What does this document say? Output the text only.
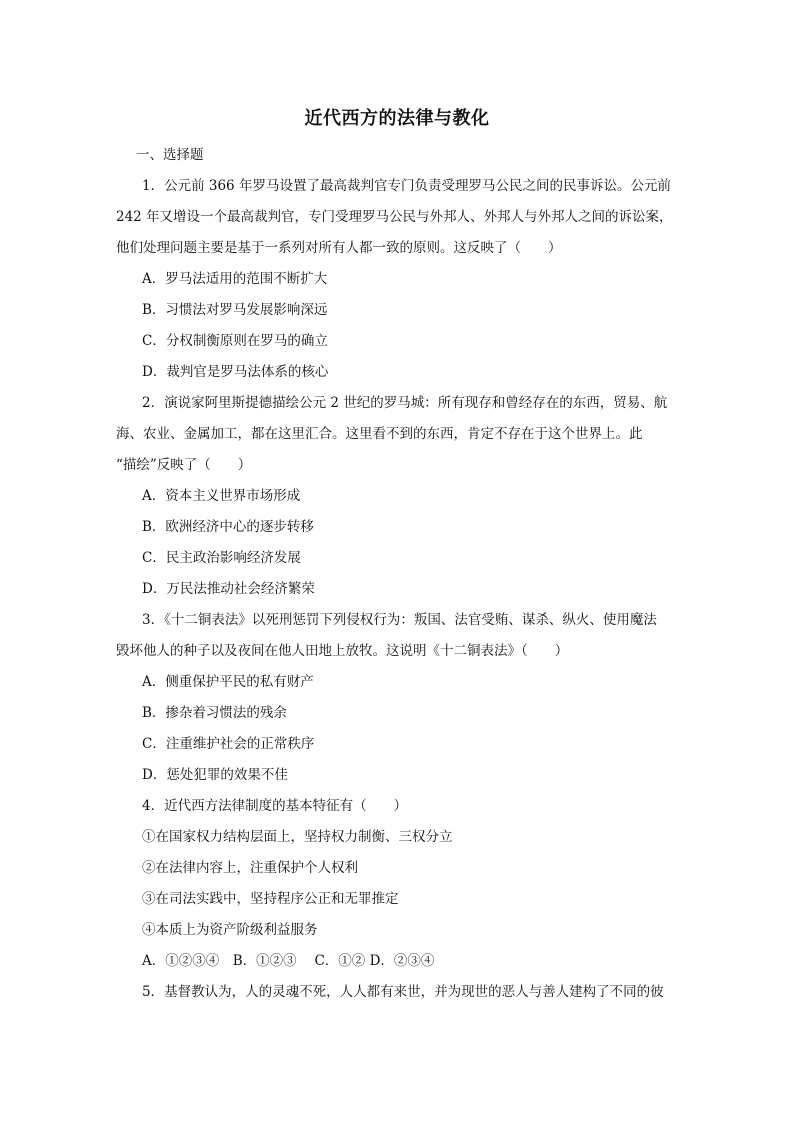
近代西方的法律与教化
一、选择题
1．公元前 366 年罗马设置了最高裁判官专门负责受理罗马公民之间的民事诉讼。公元前
242 年又增设一个最高裁判官，专门受理罗马公民与外邦人、外邦人与外邦人之间的诉讼案，
他们处理问题主要是基于一系列对所有人都一致的原则。这反映了（　　）
A．罗马法适用的范围不断扩大
B．习惯法对罗马发展影响深远
C．分权制衡原则在罗马的确立
D．裁判官是罗马法体系的核心
2．演说家阿里斯提德描绘公元 2 世纪的罗马城：所有现存和曾经存在的东西，贸易、航
海、农业、金属加工，都在这里汇合。这里看不到的东西，肯定不存在于这个世界上。此
“描绘”反映了（　　）
A．资本主义世界市场形成
B．欧洲经济中心的逐步转移
C．民主政治影响经济发展
D．万民法推动社会经济繁荣
3．《十二铜表法》以死刑惩罚下列侵权行为：叛国、法官受贿、谋杀、纵火、使用魔法
毁坏他人的种子以及夜间在他人田地上放牧。这说明《十二铜表法》（　　）
A．侧重保护平民的私有财产
B．掺杂着习惯法的残余
C．注重维护社会的正常秩序
D．惩处犯罪的效果不佳
4．近代西方法律制度的基本特征有（　　）
①在国家权力结构层面上，坚持权力制衡、三权分立
②在法律内容上，注重保护个人权利
③在司法实践中，坚持程序公正和无罪推定
④本质上为资产阶级利益服务
A．①②③④　B．①②③　 C．①② D．②③④
5．基督教认为，人的灵魂不死，人人都有来世，并为现世的恶人与善人建构了不同的彼
